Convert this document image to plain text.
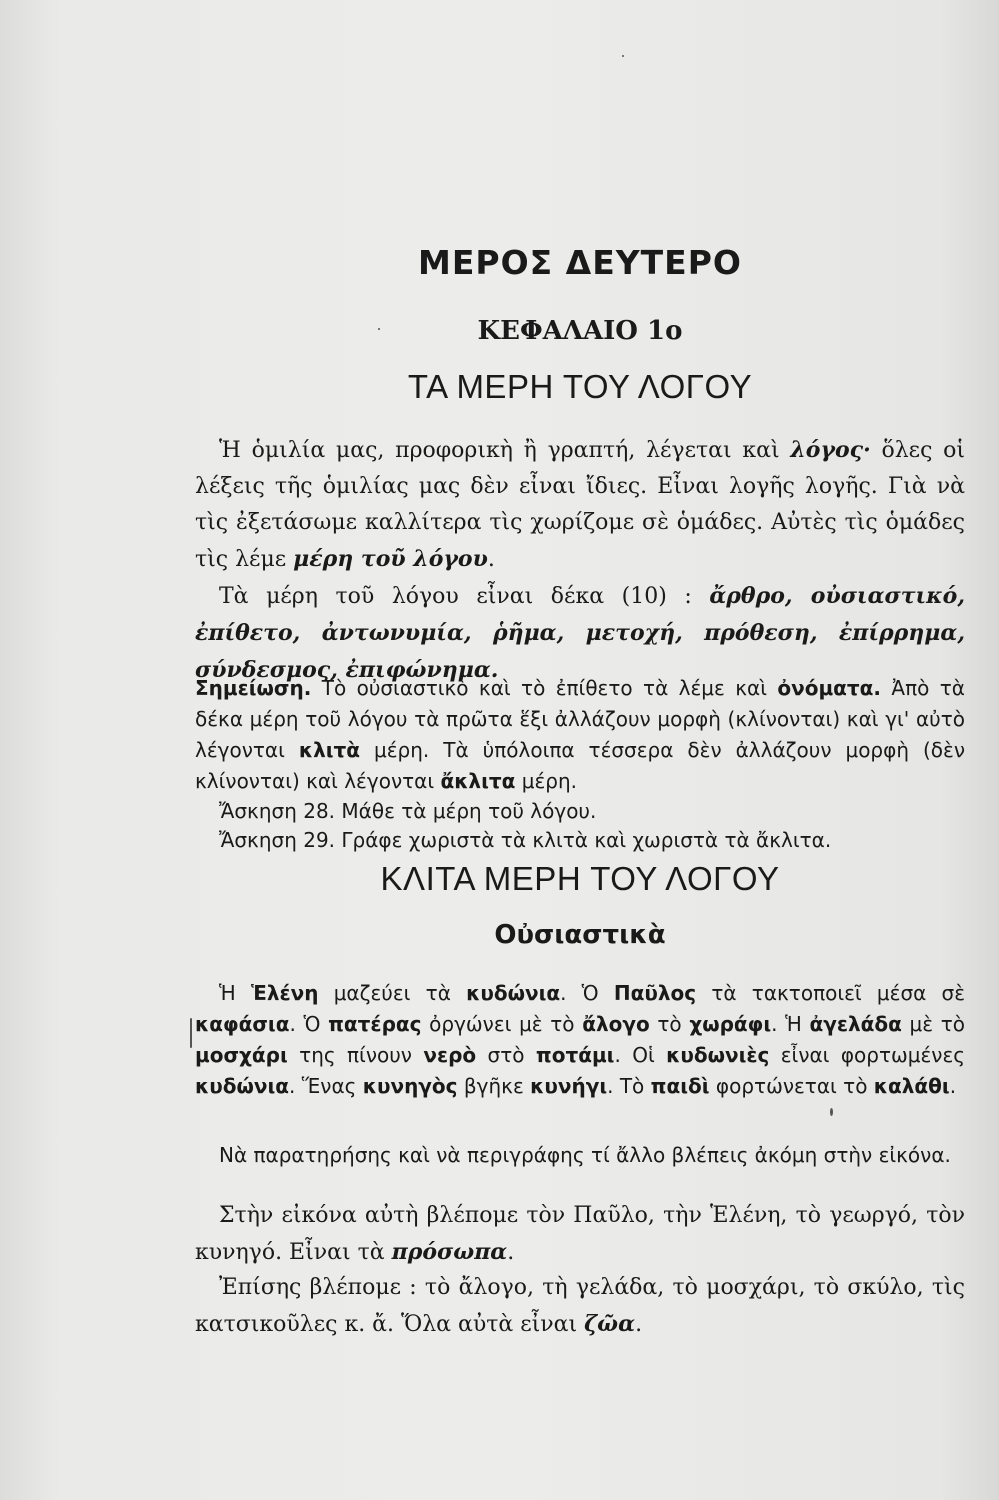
ΜΕΡΟΣ ΔΕΥΤΕΡΟ
ΚΕΦΑΛΑΙΟ 1ο
ΤΑ ΜΕΡΗ ΤΟΥ ΛΟΓΟΥ
Ἡ ὁμιλία μας, προφορικὴ ἢ γραπτή, λέγεται καὶ λόγος· ὅλες οἱ λέξεις τῆς ὁμιλίας μας δὲν εἶναι ἴδιες. Εἶναι λογῆς λογῆς. Γιὰ νὰ τὶς ἐξετάσωμε καλλίτερα τὶς χωρίζομε σὲ ὁμάδες. Αὐτὲς τὶς ὁμάδες τὶς λέμε μέρη τοῦ λόγου.
Τὰ μέρη τοῦ λόγου εἶναι δέκα (10) : ἄρθρο, οὐσιαστικό, ἐπίθετο, ἀντωνυμία, ῥῆμα, μετοχή, πρόθεση, ἐπίρρημα, σύνδεσμος, ἐπιφώνημα.
Σημείωση. Τὸ οὐσιαστικὸ καὶ τὸ ἐπίθετο τὰ λέμε καὶ ὀνόματα. Ἀπὸ τὰ δέκα μέρη τοῦ λόγου τὰ πρῶτα ἕξι ἀλλάζουν μορφὴ (κλίνονται) καὶ γι' αὐτὸ λέγονται κλιτὰ μέρη. Τὰ ὑπόλοιπα τέσσερα δὲν ἀλλάζουν μορφὴ (δὲν κλίνονται) καὶ λέγονται ἄκλιτα μέρη.
Ἄσκηση 28. Μάθε τὰ μέρη τοῦ λόγου.
Ἄσκηση 29. Γράφε χωριστὰ τὰ κλιτὰ καὶ χωριστὰ τὰ ἄκλιτα.
ΚΛΙΤΑ ΜΕΡΗ ΤΟΥ ΛΟΓΟΥ
Οὐσιαστικὰ
Ἡ Ἑλένη μαζεύει τὰ κυδώνια. Ὁ Παῦλος τὰ τακτοποιεῖ μέσα σὲ καφάσια. Ὁ πατέρας ὀργώνει μὲ τὸ ἄλογο τὸ χωράφι. Ἡ ἀγελάδα μὲ τὸ μοσχάρι της πίνουν νερὸ στὸ ποτάμι. Οἱ κυδωνιὲς εἶναι φορτωμένες κυδώνια. Ἕνας κυνηγὸς βγῆκε κυνήγι. Τὸ παιδὶ φορτώνεται τὸ καλάθι.
Νὰ παρατηρήσης καὶ νὰ περιγράφης τί ἄλλο βλέπεις ἀκόμη στὴν εἰκόνα.
Στὴν εἰκόνα αὐτὴ βλέπομε τὸν Παῦλο, τὴν Ἑλένη, τὸ γεωργό, τὸν κυνηγό. Εἶναι τὰ πρόσωπα.
Ἐπίσης βλέπομε : τὸ ἄλογο, τὴ γελάδα, τὸ μοσχάρι, τὸ σκύλο, τὶς κατσικοῦλες κ. ἄ. Ὅλα αὐτὰ εἶναι ζῶα.
